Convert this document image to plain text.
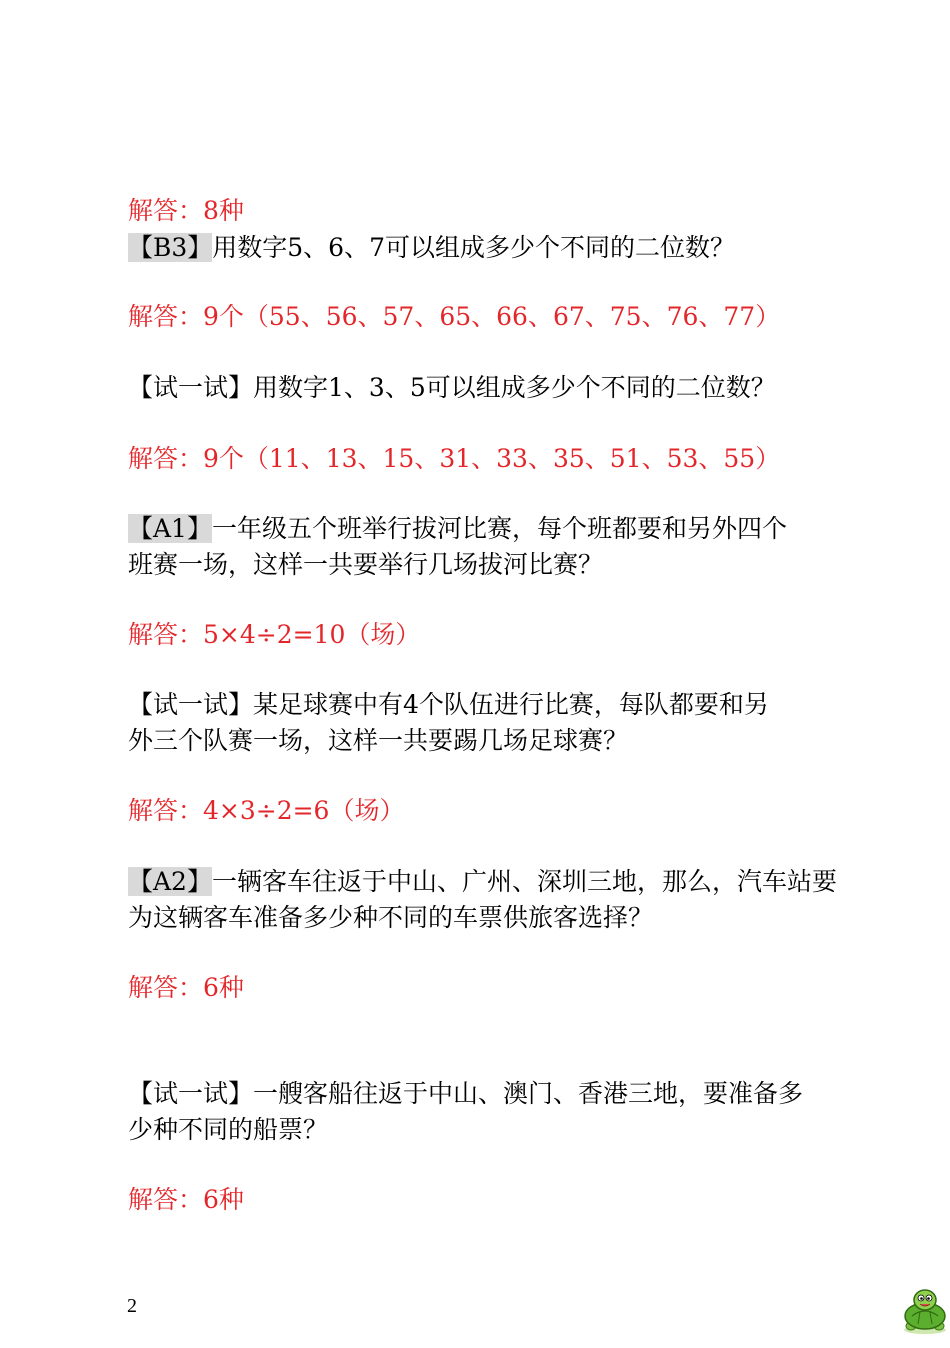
解答：8种
【B3】用数字5、6、7可以组成多少个不同的二位数？
解答：9个（55、56、57、65、66、67、75、76、77）
【试一试】用数字1、3、5可以组成多少个不同的二位数？
解答：9个（11、13、15、31、33、35、51、53、55）
【A1】一年级五个班举行拔河比赛，每个班都要和另外四个
班赛一场，这样一共要举行几场拔河比赛？
解答：5×4÷2=10（场）
【试一试】某足球赛中有4个队伍进行比赛，每队都要和另
外三个队赛一场，这样一共要踢几场足球赛？
解答：4×3÷2=6（场）
【A2】一辆客车往返于中山、广州、深圳三地，那么，汽车站要
为这辆客车准备多少种不同的车票供旅客选择？
解答：6种
【试一试】一艘客船往返于中山、澳门、香港三地，要准备多
少种不同的船票？
解答：6种
2
